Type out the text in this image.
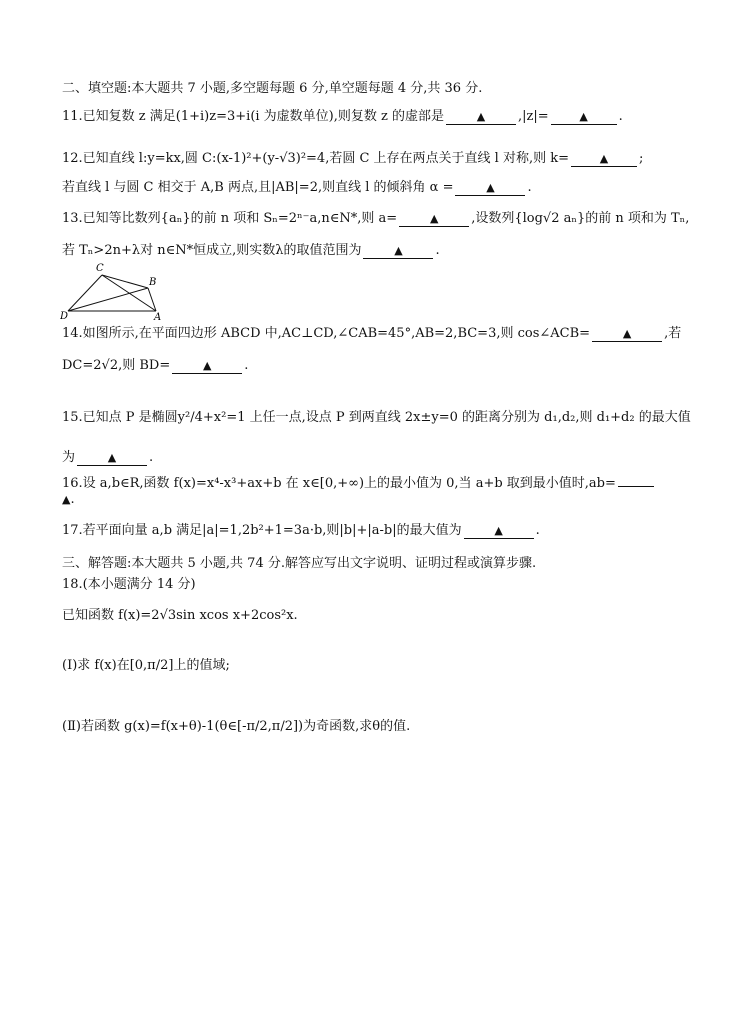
二、填空题:本大题共 7 小题,多空题每题 6 分,单空题每题 4 分,共 36 分.
11.已知复数 z 满足(1+i)z=3+i(i 为虚数单位),则复数 z 的虚部是	▲	,|z|=	▲ .
12.已知直线 l:y=kx,圆 C:(x-1)²+(y-√3)²=4,若圆 C 上存在两点关于直线 l 对称,则 k=	▲ ;
若直线 l 与圆 C 相交于 A,B 两点,且|AB|=2,则直线 l 的倾斜角 α =	▲	.
13.已知等比数列{aₙ}的前 n 项和 Sₙ=2ⁿ⁻a,n∈N*,则 a=	▲	,设数列{log√2 aₙ}的前 n 项和为 Tₙ,
若 Tₙ>2n+λ对 n∈N*恒成立,则实数λ的取值范围为	▲	.
C
B
D	A
14.如图所示,在平面四边形 ABCD 中,AC⊥CD,∠CAB=45°,AB=2,BC=3,则 cos∠ACB=	▲	,若
DC=2√2,则 BD=	▲	.
15.已知点 P 是椭圆y²/4+x²=1 上任一点,设点 P 到两直线 2x±y=0 的距离分别为 d₁,d₂,则 d₁+d₂ 的最大值
为	▲	.
16.设 a,b∈R,函数 f(x)=x⁴-x³+ax+b 在 x∈[0,+∞)上的最小值为 0,当 a+b 取到最小值时,ab=
▲.
17.若平面向量 a,b 满足|a|=1,2b²+1=3a·b,则|b|+|a-b|的最大值为	▲	.
三、解答题:本大题共 5 小题,共 74 分.解答应写出文字说明、证明过程或演算步骤.
18.(本小题满分 14 分)
已知函数 f(x)=2√3sin xcos x+2cos²x.
(Ⅰ)求 f(x)在[0,π/2]上的值域;
(Ⅱ)若函数 g(x)=f(x+θ)-1(θ∈[-π/2,π/2])为奇函数,求θ的值.
